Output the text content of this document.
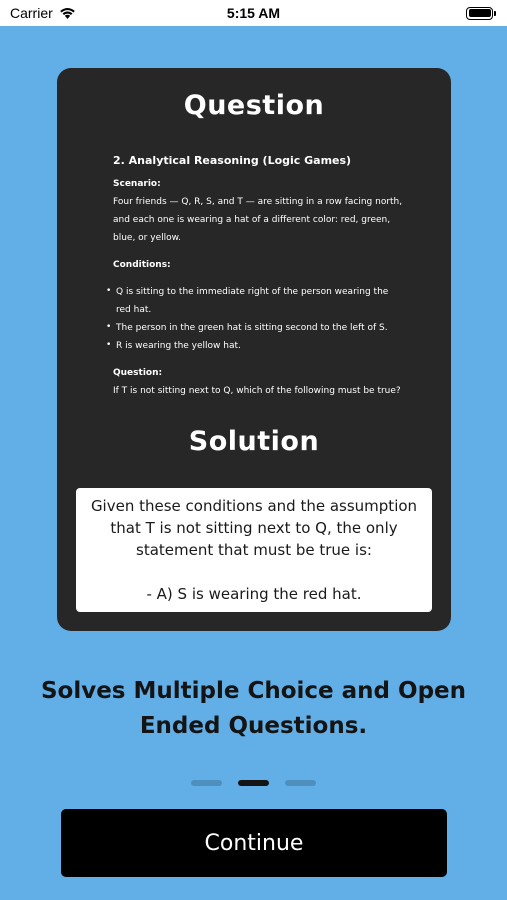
Carrier	5:15 AM
Question
2. Analytical Reasoning (Logic Games)
Scenario:
Four friends — Q, R, S, and T — are sitting in a row facing north, and each one is wearing a hat of a different color: red, green, blue, or yellow.
Conditions:
• Q is sitting to the immediate right of the person wearing the red hat.
• The person in the green hat is sitting second to the left of S.
• R is wearing the yellow hat.
Question:
If T is not sitting next to Q, which of the following must be true?
Solution
Given these conditions and the assumption that T is not sitting next to Q, the only statement that must be true is:
- A) S is wearing the red hat.
Solves Multiple Choice and Open Ended Questions.
Continue
